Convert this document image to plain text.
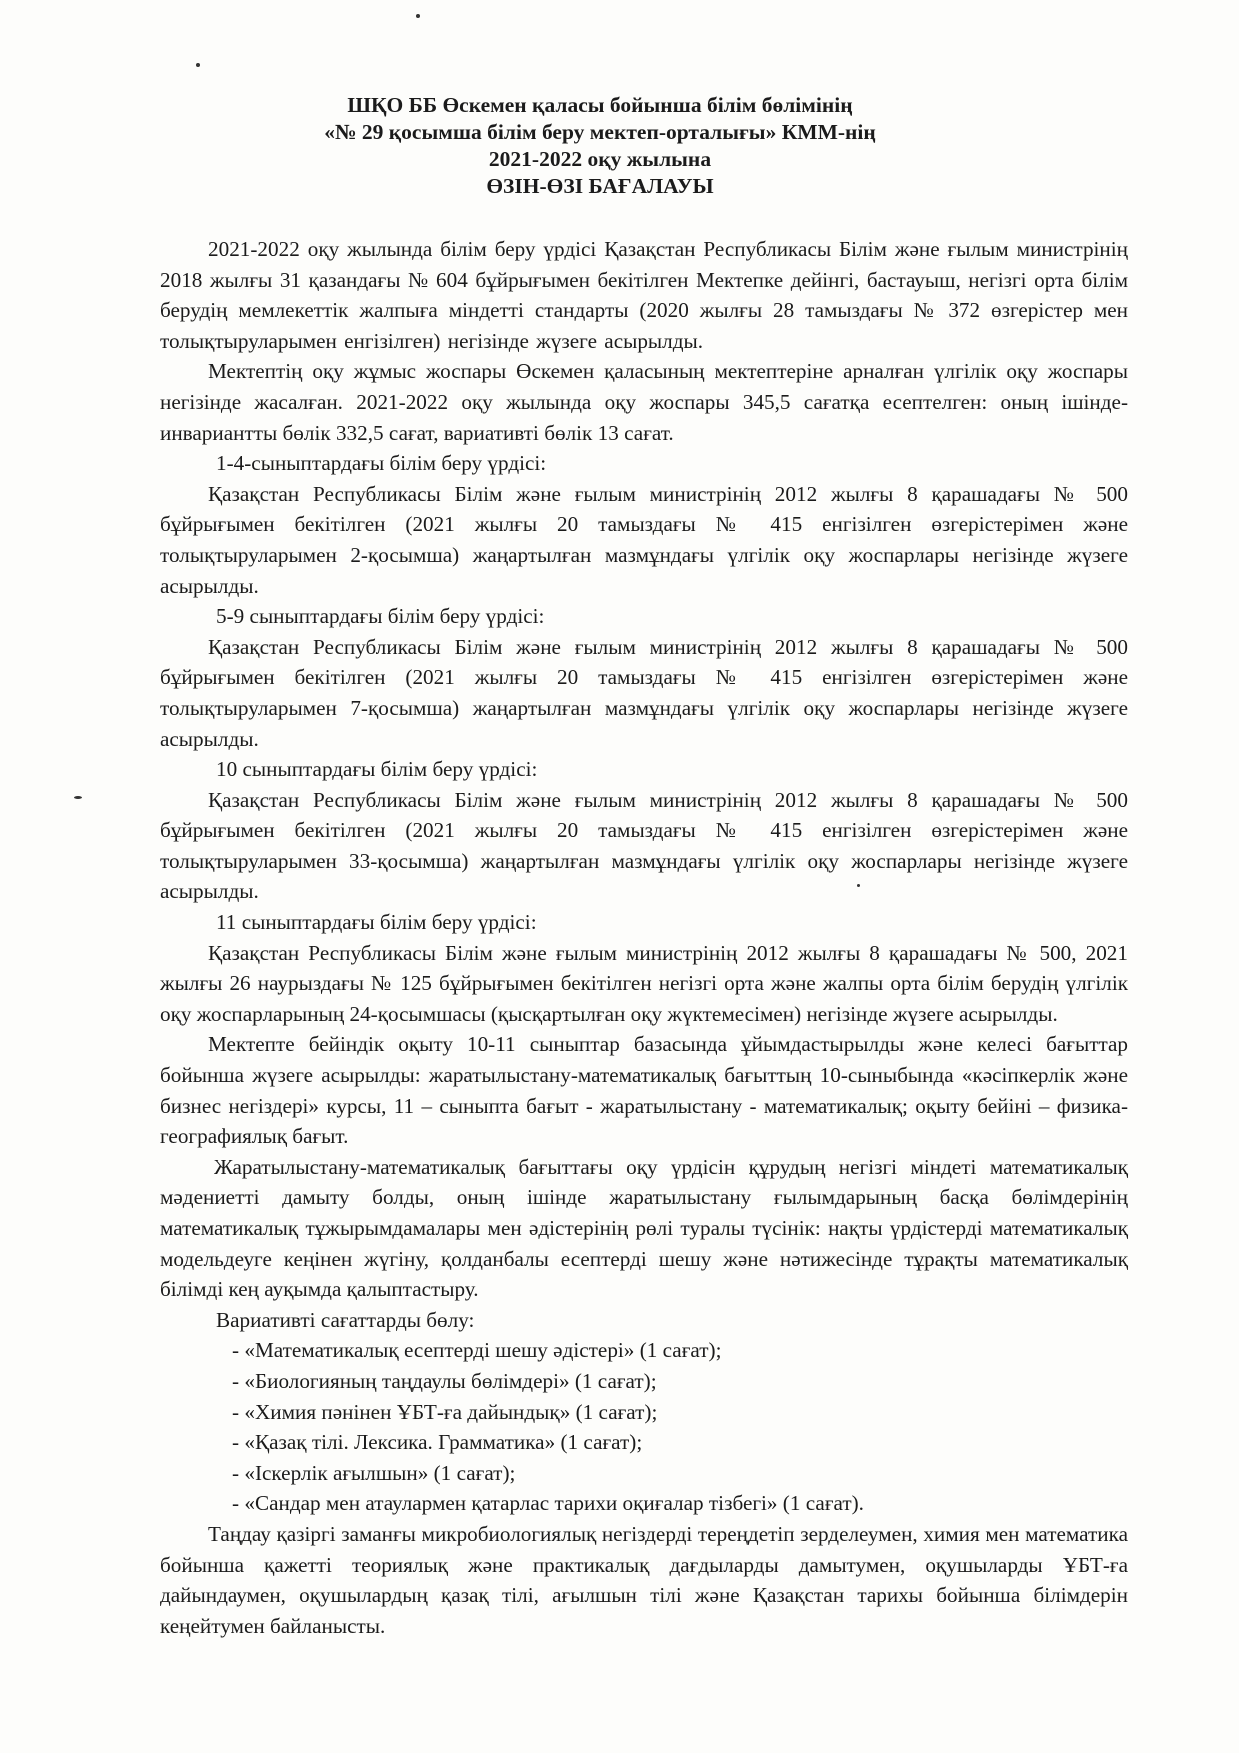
ШҚО ББ Өскемен қаласы бойынша білім бөлімінің
«№ 29 қосымша білім беру мектеп-орталығы» КММ-нің
2021-2022 оқу жылына
ӨЗІН-ӨЗІ БАҒАЛАУЫ

2021-2022 оқу жылында білім беру үрдісі Қазақстан Республикасы Білім және ғылым министрінің 2018 жылғы 31 қазандағы № 604 бұйрығымен бекітілген Мектепке дейінгі, бастауыш, негізгі орта білім берудің мемлекеттік жалпыға міндетті стандарты (2020 жылғы 28 тамыздағы № 372 өзгерістер мен толықтыруларымен енгізілген) негізінде жүзеге асырылды.

Мектептің оқу жұмыс жоспары Өскемен қаласының мектептеріне арналған үлгілік оқу жоспары негізінде жасалған. 2021-2022 оқу жылында оқу жоспары 345,5 сағатқа есептелген: оның ішінде-инвариантты бөлік 332,5 сағат, вариативті бөлік 13 сағат.

1-4-сыныптардағы білім беру үрдісі:

Қазақстан Республикасы Білім және ғылым министрінің 2012 жылғы 8 қарашадағы № 500 бұйрығымен бекітілген (2021 жылғы 20 тамыздағы № 415 енгізілген өзгерістерімен және толықтыруларымен 2-қосымша) жаңартылған мазмұндағы үлгілік оқу жоспарлары негізінде жүзеге асырылды.

5-9 сыныптардағы білім беру үрдісі:

Қазақстан Республикасы Білім және ғылым министрінің 2012 жылғы 8 қарашадағы № 500 бұйрығымен бекітілген (2021 жылғы 20 тамыздағы № 415 енгізілген өзгерістерімен және толықтыруларымен 7-қосымша) жаңартылған мазмұндағы үлгілік оқу жоспарлары негізінде жүзеге асырылды.

10 сыныптардағы білім беру үрдісі:

Қазақстан Республикасы Білім және ғылым министрінің 2012 жылғы 8 қарашадағы № 500 бұйрығымен бекітілген (2021 жылғы 20 тамыздағы № 415 енгізілген өзгерістерімен және толықтыруларымен 33-қосымша) жаңартылған мазмұндағы үлгілік оқу жоспарлары негізінде жүзеге асырылды.

11 сыныптардағы білім беру үрдісі:

Қазақстан Республикасы Білім және ғылым министрінің 2012 жылғы 8 қарашадағы № 500, 2021 жылғы 26 наурыздағы № 125 бұйрығымен бекітілген негізгі орта және жалпы орта білім берудің үлгілік оқу жоспарларының 24-қосымшасы (қысқартылған оқу жүктемесімен) негізінде жүзеге асырылды.

Мектепте бейіндік оқыту 10-11 сыныптар базасында ұйымдастырылды және келесі бағыттар бойынша жүзеге асырылды: жаратылыстану-математикалық бағыттың 10-сыныбында «кәсіпкерлік және бизнес негіздері» курсы, 11 – сыныпта бағыт - жаратылыстану - математикалық; оқыту бейіні – физика-географиялық бағыт.

Жаратылыстану-математикалық бағыттағы оқу үрдісін құрудың негізгі міндеті математикалық мәдениетті дамыту болды, оның ішінде жаратылыстану ғылымдарының басқа бөлімдерінің математикалық тұжырымдамалары мен әдістерінің рөлі туралы түсінік: нақты үрдістерді математикалық модельдеуге кеңінен жүгіну, қолданбалы есептерді шешу және нәтижесінде тұрақты математикалық білімді кең ауқымда қалыптастыру.

Вариативті сағаттарды бөлу:

- «Математикалық есептерді шешу әдістері» (1 сағат);

- «Биологияның таңдаулы бөлімдері» (1 сағат);

- «Химия пәнінен ҰБТ-ға дайындық» (1 сағат);

- «Қазақ тілі. Лексика. Грамматика» (1 сағат);

- «Іскерлік ағылшын» (1 сағат);

- «Сандар мен атаулармен қатарлас тарихи оқиғалар тізбегі» (1 сағат).

Таңдау қазіргі заманғы микробиологиялық негіздерді тереңдетіп зерделеумен, химия мен математика бойынша қажетті теориялық және практикалық дағдыларды дамытумен, оқушыларды ҰБТ-ға дайындаумен, оқушылардың қазақ тілі, ағылшын тілі және Қазақстан тарихы бойынша білімдерін кеңейтумен байланысты.
